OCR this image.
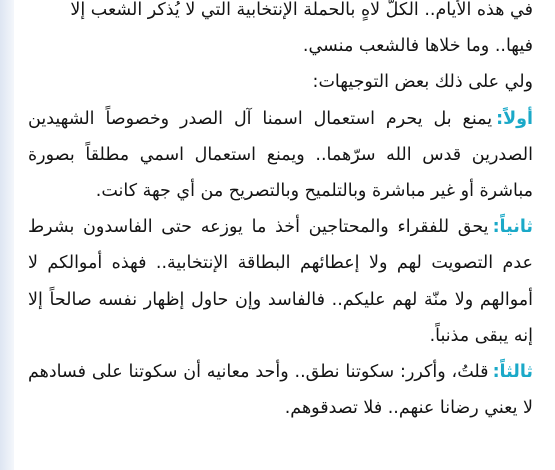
في هذه الأيام.. الكلّ لاهٍ بالحملة الإنتخابية التي لا يُذكر الشعب إلا فيها.. وما خلاها فالشعب منسي.

ولي على ذلك بعض التوجيهات:

أولاً:يمنع بل يحرم استعمال اسمنا آل الصدر وخصوصاً الشهيدين الصدرين قدس الله سرّهما.. ويمنع استعمال اسمي مطلقاً بصورة مباشرة أو غير مباشرة وبالتلميح وبالتصريح من أي جهة كانت.

ثانياً:يحق للفقراء والمحتاجين أخذ ما يوزعه حتى الفاسدون بشرط عدم التصويت لهم ولا إعطائهم البطاقة الإنتخابية.. فهذه أموالكم لا أموالهم ولا منّة لهم عليكم.. فالفاسد وإن حاول إظهار نفسه صالحاً إلا إنه يبقى مذنباً.

ثالثاً:قلتُ، وأكرر: سكوتنا نطق.. وأحد معانيه أن سكوتنا على فسادهم لا يعني رضانا عنهم.. فلا تصدقوهم.
